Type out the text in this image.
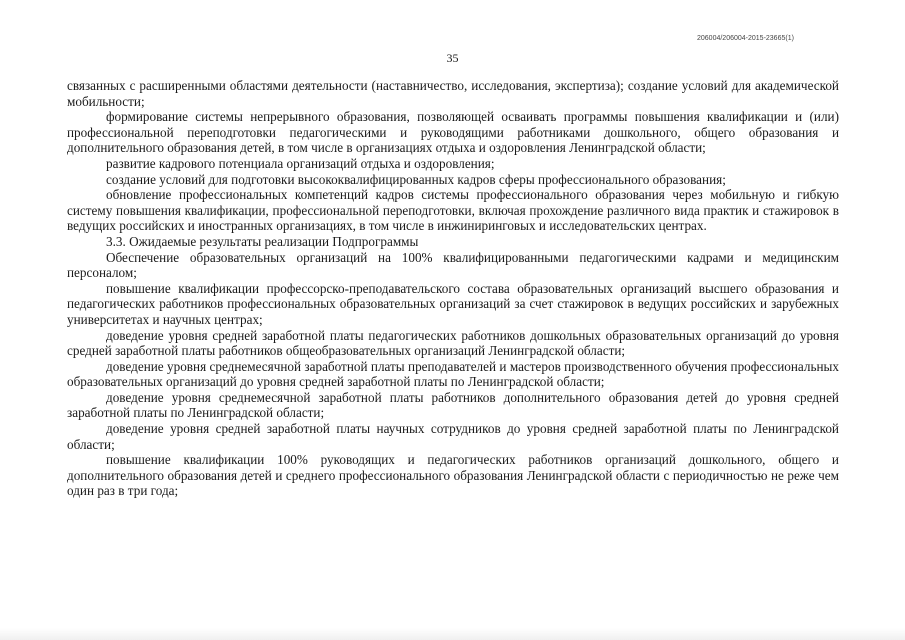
206004/206004-2015-23665(1)
35

связанных с расширенными областями деятельности (наставничество, исследования, экспертиза); создание условий для академической мобильности;

формирование системы непрерывного образования, позволяющей осваивать программы повышения квалификации и (или) профессиональной переподготовки педагогическими и руководящими работниками дошкольного, общего образования и дополнительного образования детей, в том числе в организациях отдыха и оздоровления Ленинградской области;

развитие кадрового потенциала организаций отдыха и оздоровления;

создание условий для подготовки высококвалифицированных кадров сферы профессионального образования;

обновление профессиональных компетенций кадров системы профессионального образования через мобильную и гибкую систему повышения квалификации, профессиональной переподготовки, включая прохождение различного вида практик и стажировок в ведущих российских и иностранных организациях, в том числе в инжиниринговых и исследовательских центрах.

3.3. Ожидаемые результаты реализации Подпрограммы

Обеспечение образовательных организаций на 100% квалифицированными педагогическими кадрами и медицинским персоналом;

повышение квалификации профессорско-преподавательского состава образовательных организаций высшего образования и педагогических работников профессиональных образовательных организаций за счет стажировок в ведущих российских и зарубежных университетах и научных центрах;

доведение уровня средней заработной платы педагогических работников дошкольных образовательных организаций до уровня средней заработной платы работников общеобразовательных организаций Ленинградской области;

доведение уровня среднемесячной заработной платы преподавателей и мастеров производственного обучения профессиональных образовательных организаций до уровня средней заработной платы по Ленинградской области;

доведение уровня среднемесячной заработной платы работников дополнительного образования детей до уровня средней заработной платы по Ленинградской области;

доведение уровня средней заработной платы научных сотрудников до уровня средней заработной платы по Ленинградской области;

повышение квалификации 100% руководящих и педагогических работников организаций дошкольного, общего и дополнительного образования детей и среднего профессионального образования Ленинградской области с периодичностью не реже чем один раз в три года;
